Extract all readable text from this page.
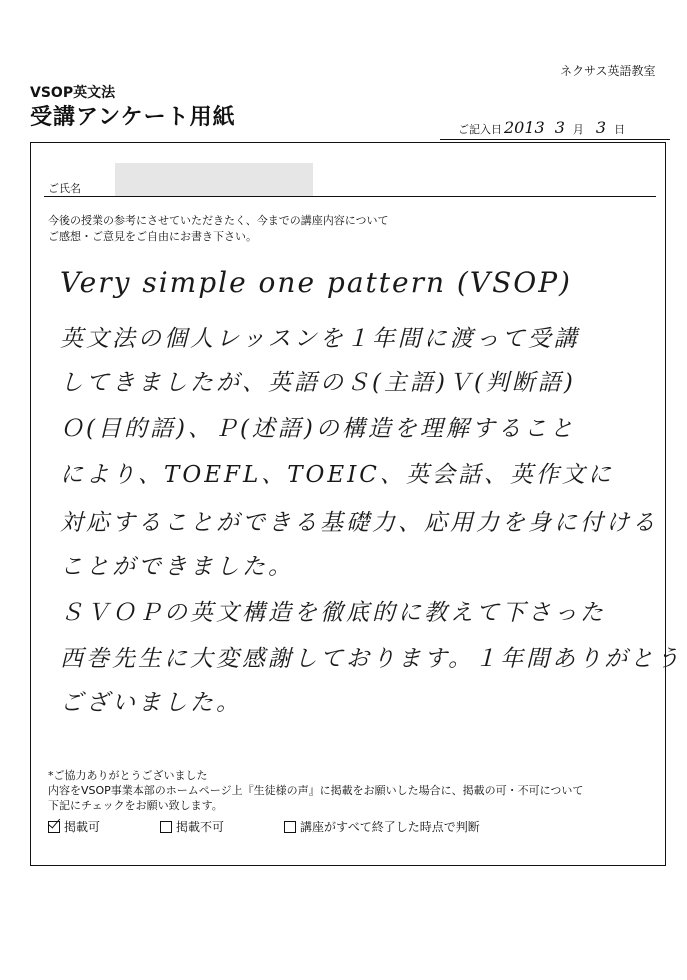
ネクサス英語教室
VSOP英文法
受講アンケート用紙	ご記入日 2013 3 月 3 日
ご氏名
今後の授業の参考にさせていただきたく、今までの講座内容について
ご感想・ご意見をご自由にお書き下さい。
Very simple one pattern (VSOP)
英文法の個人レッスンを１年間に渡って受講
してきましたが、英語のＳ(主語)Ｖ(判断語)
Ｏ(目的語)、Ｐ(述語)の構造を理解すること
により、TOEFL、TOEIC、英会話、英作文に
対応することができる基礎力、応用力を身に付ける
ことができました。
ＳＶＯＰの英文構造を徹底的に教えて下さった
西巻先生に大変感謝しております。１年間ありがとう
ございました。
*ご協力ありがとうございました
内容をVSOP事業本部のホームページ上『生徒様の声』に掲載をお願いした場合に、掲載の可・不可について
下記にチェックをお願い致します。
掲載可	掲載不可	講座がすべて終了した時点で判断
